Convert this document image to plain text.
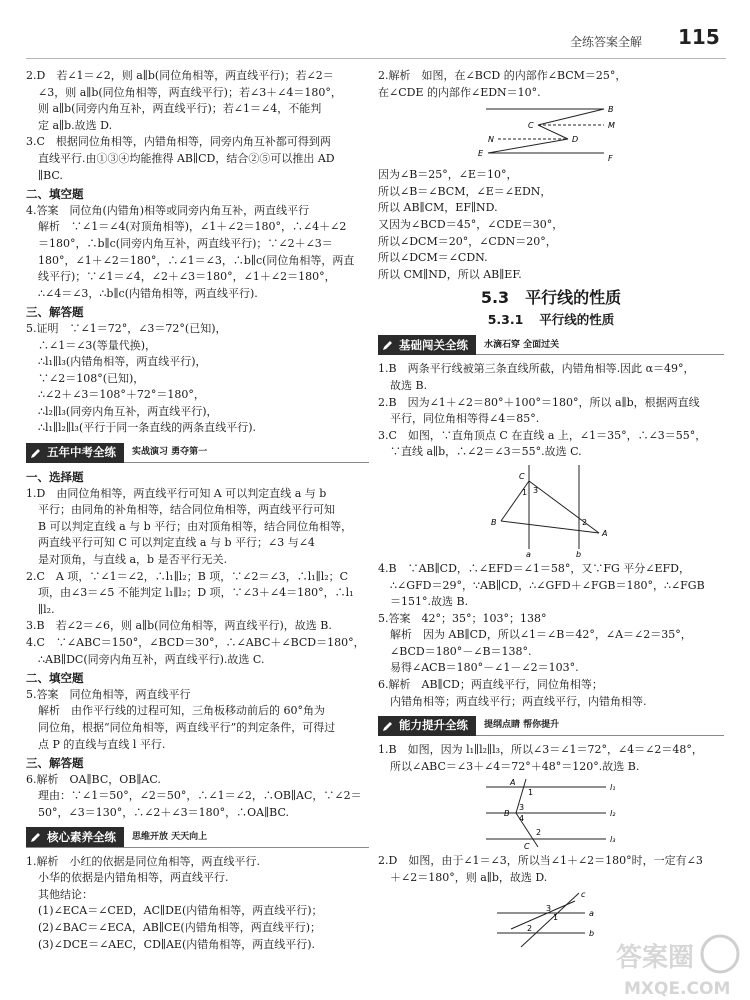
全练答案全解 115
2.D　若∠1＝∠2，则 a∥b(同位角相等，两直线平行)；若∠2＝
∠3，则 a∥b(同位角相等，两直线平行)；若∠3＋∠4＝180°，
则 a∥b(同旁内角互补，两直线平行)；若∠1＝∠4，不能判
定 a∥b.故选 D.
3.C　根据同位角相等，内错角相等，同旁内角互补都可得到两
直线平行.由①③④均能推得 AB∥CD，结合②⑤可以推出 AD
∥BC.
二、填空题
4.答案　同位角(内错角)相等或同旁内角互补，两直线平行
解析　∵∠1＝∠4(对顶角相等)，∠1＋∠2＝180°，∴∠4＋∠2
＝180°，∴b∥c(同旁内角互补，两直线平行)；∵∠2＋∠3＝
180°，∠1＋∠2＝180°，∴∠1＝∠3，∴b∥c(同位角相等，两直
线平行)；∵∠1＝∠4，∠2＋∠3＝180°，∠1＋∠2＝180°，
∴∠4＝∠3，∴b∥c(内错角相等，两直线平行).
三、解答题
5.证明　∵∠1＝72°，∠3＝72°(已知)，
∴∠1＝∠3(等量代换)，
∴l₁∥l₃(内错角相等，两直线平行)，
∵∠2＝108°(已知)，
∴∠2＋∠3＝108°＋72°＝180°，
∴l₂∥l₃(同旁内角互补，两直线平行)，
∴l₁∥l₂∥l₃(平行于同一条直线的两条直线平行).
五年中考全练 实战演习 勇夺第一
一、选择题
1.D　由同位角相等，两直线平行可知 A 可以判定直线 a 与 b
平行；由同角的补角相等，结合同位角相等，两直线平行可知
B 可以判定直线 a 与 b 平行；由对顶角相等，结合同位角相等，
两直线平行可知 C 可以判定直线 a 与 b 平行；∠3 与∠4
是对顶角，与直线 a，b 是否平行无关.
2.C　A 项，∵∠1＝∠2，∴l₁∥l₂；B 项，∵∠2＝∠3，∴l₁∥l₂；C
项，由∠3＝∠5 不能判定 l₁∥l₂；D 项，∵∠3＋∠4＝180°，∴l₁
∥l₂.
3.B　若∠2＝∠6，则 a∥b(同位角相等，两直线平行)，故选 B.
4.C　∵∠ABC＝150°，∠BCD＝30°，∴∠ABC＋∠BCD＝180°，
∴AB∥DC(同旁内角互补，两直线平行).故选 C.
二、填空题
5.答案　同位角相等，两直线平行
解析　由作平行线的过程可知，三角板移动前后的 60°角为
同位角，根据“同位角相等，两直线平行”的判定条件，可得过
点 P 的直线与直线 l 平行.
三、解答题
6.解析　OA∥BC，OB∥AC.
理由：∵∠1＝50°，∠2＝50°，∴∠1＝∠2，∴OB∥AC，∵∠2＝
50°，∠3＝130°，∴∠2＋∠3＝180°，∴OA∥BC.
核心素养全练 思维开放 天天向上
1.解析　小红的依据是同位角相等，两直线平行.
小华的依据是内错角相等，两直线平行.
其他结论：
(1)∠ECA＝∠CED，AC∥DE(内错角相等，两直线平行)；
(2)∠BAC＝∠ECA，AB∥CE(内错角相等，两直线平行)；
(3)∠DCE＝∠AEC，CD∥AE(内错角相等，两直线平行).
2.解析　如图，在∠BCD 的内部作∠BCM＝25°，
在∠CDE 的内部作∠EDN＝10°.
B
C	M
N	D
E
F
因为∠B＝25°，∠E＝10°，
所以∠B＝∠BCM，∠E＝∠EDN，
所以 AB∥CM，EF∥ND.
又因为∠BCD＝45°，∠CDE＝30°，
所以∠DCM＝20°，∠CDN＝20°，
所以∠DCM＝∠CDN.
所以 CM∥ND，所以 AB∥EF.
5.3 平行线的性质
5.3.1 平行线的性质
基础闯关全练 水滴石穿 全面过关
1.B　两条平行线被第三条直线所截，内错角相等.因此 α＝49°，
故选 B.
2.B　因为∠1＋∠2＝80°＋100°＝180°，所以 a∥b，根据两直线
平行，同位角相等得∠4＝85°.
3.C　如图，∵直角顶点 C 在直线 a 上，∠1＝35°，∴∠3＝55°，
∵直线 a∥b，∴∠2＝∠3＝55°.故选 C.
C
B
A
a	b
1 3
2
4.B　∵AB∥CD，∴∠EFD＝∠1＝58°，又∵FG 平分∠EFD，
∴∠GFD＝29°，∵AB∥CD，∴∠GFD＋∠FGB＝180°，∴∠FGB
＝151°.故选 B.
5.答案　42°；35°；103°；138°
解析　因为 AB∥CD，所以∠1＝∠B＝42°，∠A＝∠2＝35°，
∠BCD＝180°－∠B＝138°.
易得∠ACB＝180°－∠1－∠2＝103°.
6.解析　AB∥CD；两直线平行，同位角相等；
内错角相等；两直线平行；两直线平行，内错角相等.
能力提升全练 提纲点睛 帮你提升
1.B　如图，因为 l₁∥l₂∥l₃，所以∠3＝∠1＝72°，∠4＝∠2＝48°，
所以∠ABC＝∠3＋∠4＝72°＋48°＝120°.故选 B.
A
B
C
l₁
l₂
l₃
1
3
4
2
2.D　如图，由于∠1＝∠3，所以当∠1＋∠2＝180°时，一定有∠3
＋∠2＝180°，则 a∥b，故选 D.
a
b
c
3
1
2
答案圈
MXQE.COM
